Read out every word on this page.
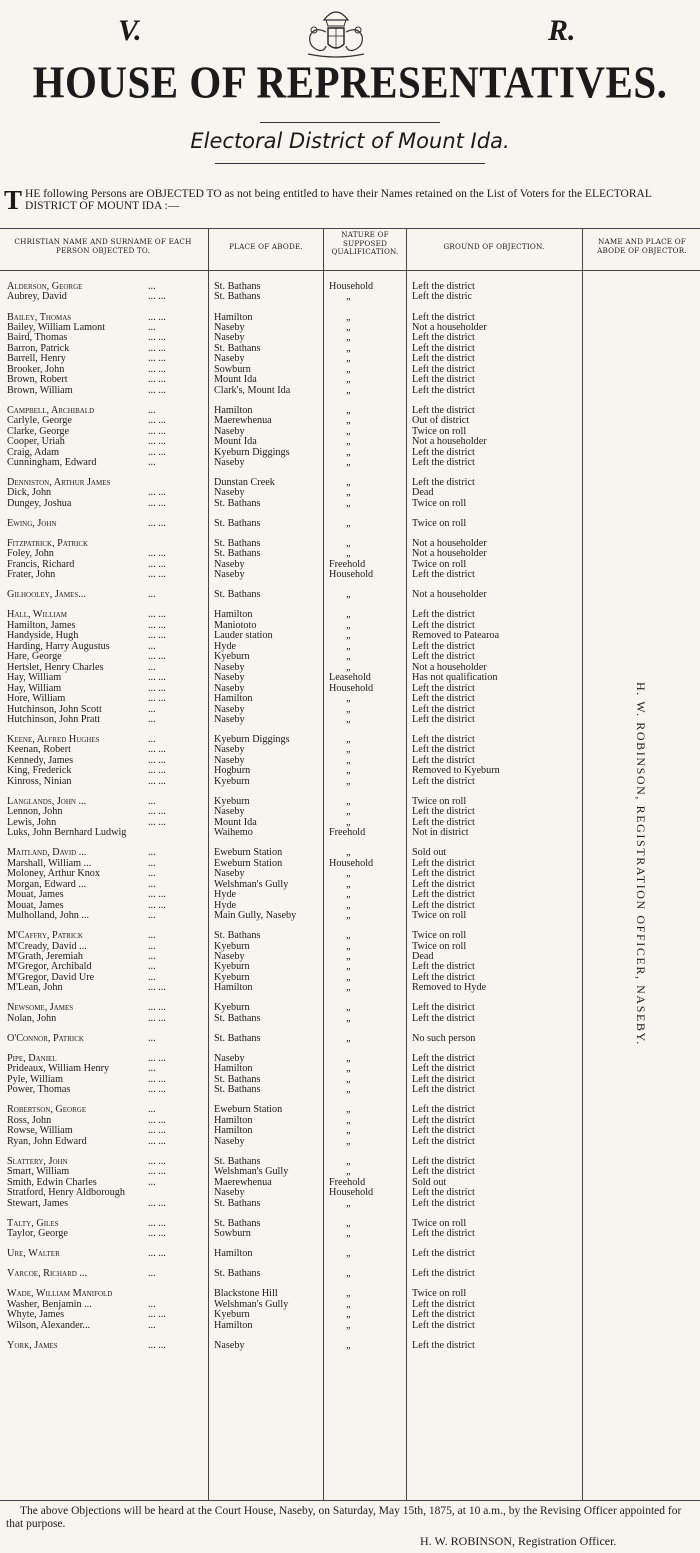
V.	R.
HOUSE OF REPRESENTATIVES.
Electoral District of Mount Ida.
THE following Persons are OBJECTED TO as not being entitled to have their Names retained on the List of Voters for the ELECTORAL DISTRICT OF MOUNT IDA :—
CHRISTIAN NAME AND SURNAME OF EACH PERSON OBJECTED TO.	PLACE OF ABODE.
NATURE OF SUPPOSED QUALIFICATION.
GROUND OF OBJECTION.
NAME AND PLACE OF ABODE OF OBJECTOR.
Alderson, George	...	St. Bathans	Household	Left the district
Aubrey, David	... ...	St. Bathans	„	Left the distric
Bailey, Thomas	... ...	Hamilton	„	Left the district
Bailey, William Lamont	...	Naseby	„	Not a householder
Baird, Thomas	... ...	Naseby	„	Left the district
Barron, Patrick	... ...	St. Bathans	„	Left the district
Barrell, Henry	... ...	Naseby	„	Left the district
Brooker, John	... ...	Sowburn	„	Left the district
Brown, Robert	... ...	Mount Ida	„	Left the district
Brown, William	... ...	Clark's, Mount Ida	„	Left the district
Campbell, Archibald	...	Hamilton	„	Left the district
Carlyle, George	... ...	Maerewhenua	„	Out of district
Clarke, George	... ...	Naseby	„	Twice on roll
Cooper, Uriah	... ...	Mount Ida	„	Not a householder
Craig, Adam	... ...	Kyeburn Diggings	„	Left the district
Cunningham, Edward	...	Naseby	„	Left the district
Denniston, Arthur James	Dunstan Creek	„	Left the district
Dick, John	... ...	Naseby	„	Dead
Dungey, Joshua	... ...	St. Bathans	„	Twice on roll
Ewing, John	... ...	St. Bathans	„	Twice on roll
Fitzpatrick, Patrick	St. Bathans	„	Not a householder
Foley, John	... ...	St. Bathans	„	Not a householder
Francis, Richard	... ...	Naseby	Freehold	Twice on roll
Frater, John	... ...	Naseby	Household	Left the district
Gilhooley, James...	...	St. Bathans	„	Not a householder
Hall, William	... ...	Hamilton	„	Left the district
Hamilton, James	... ...	Maniototo	„	Left the district
Handyside, Hugh	... ...	Lauder station	„	Removed to Patearoa
Harding, Harry Augustus	...	Hyde	„	Left the district
Hare, George	... ...	Kyeburn	„	Left the district
Hertslet, Henry Charles	...	Naseby	„	Not a householder
Hay, William	... ...	Naseby	Leasehold	Has not qualification
Hay, William	... ...	Naseby	Household	Left the district
Hore, William	... ...	Hamilton	„	Left the district
Hutchinson, John Scott	...	Naseby	„	Left the district
Hutchinson, John Pratt	...	Naseby	„	Left the district
Keene, Alfred Hughes	...	Kyeburn Diggings	„	Left the district
Keenan, Robert	... ...	Naseby	„	Left the district
Kennedy, James	... ...	Naseby	„	Left the district
King, Frederick	... ...	Hogburn	„	Removed to Kyeburn
Kinross, Ninian	... ...	Kyeburn	„	Left the district
Langlands, John ...	...	Kyeburn	„	Twice on roll
Lennon, John	... ...	Naseby	„	Left the district
Lewis, John	... ...	Mount Ida	„	Left the district
Luks, John Bernhard Ludwig	Waihemo	Freehold	Not in district
Maitland, David ...	...	Eweburn Station	„	Sold out
Marshall, William ...	...	Eweburn Station	Household	Left the district
Moloney, Arthur Knox	...	Naseby	„	Left the district
Morgan, Edward ...	...	Welshman's Gully	„	Left the district
Mouat, James	... ...	Hyde	„	Left the district
Mouat, James	... ...	Hyde	„	Left the district
Mulholland, John ...	...	Main Gully, Naseby	„	Twice on roll
M'Caffry, Patrick	...	St. Bathans	„	Twice on roll
M'Cready, David ...	...	Kyeburn	„	Twice on roll
M'Grath, Jeremiah	...	Naseby	„	Dead
M'Gregor, Archibald	...	Kyeburn	„	Left the district
M'Gregor, David Ure	...	Kyeburn	„	Left the district
M'Lean, John	... ...	Hamilton	„	Removed to Hyde
Newsome, James	... ...	Kyeburn	„	Left the district
Nolan, John	... ...	St. Bathans	„	Left the district
O'Connor, Patrick	...	St. Bathans	„	No such person
Pipe, Daniel	... ...	Naseby	„	Left the district
Prideaux, William Henry	...	Hamilton	„	Left the district
Pyle, William	... ...	St. Bathans	„	Left the district
Power, Thomas	... ...	St. Bathans	„	Left the district
Robertson, George	...	Eweburn Station	„	Left the district
Ross, John	... ...	Hamilton	„	Left the district
Rowse, William	... ...	Hamilton	„	Left the district
Ryan, John Edward	... ...	Naseby	„	Left the district
Slattery, John	... ...	St. Bathans	„	Left the district
Smart, William	... ...	Welshman's Gully	„	Left the district
Smith, Edwin Charles	...	Maerewhenua	Freehold	Sold out
Stratford, Henry Aldborough	Naseby	Household	Left the district
Stewart, James	... ...	St. Bathans	„	Left the district
Talty, Giles	... ...	St. Bathans	„	Twice on roll
Taylor, George	... ...	Sowburn	„	Left the district
Ure, Walter	... ...	Hamilton	„	Left the district
Varcoe, Richard ...	...	St. Bathans	„	Left the district
Wade, William Manifold	Blackstone Hill	„	Twice on roll
Washer, Benjamin ...	...	Welshman's Gully	„	Left the district
Whyte, James	... ...	Kyeburn	„	Left the district
Wilson, Alexander...	...	Hamilton	„	Left the district
York, James	... ...	Naseby	„	Left the district
H. W. ROBINSON, REGISTRATION OFFICER, NASEBY.
The above Objections will be heard at the Court House, Naseby, on Saturday, May 15th, 1875, at 10 a.m., by the Revising Officer appointed for that purpose.
H. W. ROBINSON, Registration Officer.
